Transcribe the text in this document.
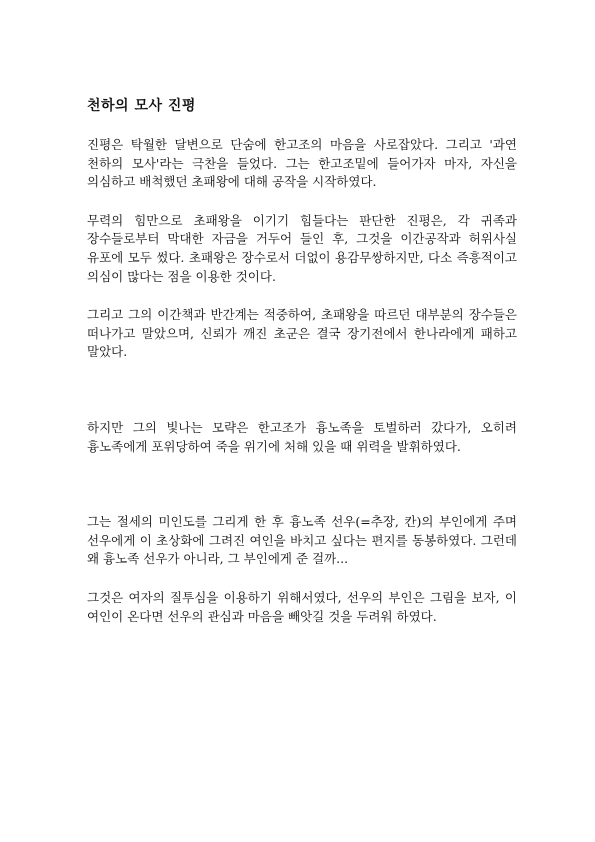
천하의 모사 진평

진평은 탁월한 달변으로 단숨에 한고조의 마음을 사로잡았다. 그리고 '과연 천하의 모사'라는 극찬을 들었다. 그는 한고조밑에 들어가자 마자, 자신을 의심하고 배척했던 초패왕에 대해 공작을 시작하였다.

무력의 힘만으로 초패왕을 이기기 힘들다는 판단한 진평은, 각 귀족과 장수들로부터 막대한 자금을 거두어 들인 후, 그것을 이간공작과 허위사실 유포에 모두 썼다. 초패왕은 장수로서 더없이 용감무쌍하지만, 다소 즉흥적이고 의심이 많다는 점을 이용한 것이다.

그리고 그의 이간책과 반간계는 적중하여, 초패왕을 따르던 대부분의 장수들은 떠나가고 말았으며, 신뢰가 깨진 초군은 결국 장기전에서 한나라에게 패하고 말았다.

하지만 그의 빛나는 모략은 한고조가 흉노족을 토벌하러 갔다가, 오히려 흉노족에게 포위당하여 죽을 위기에 처해 있을 때 위력을 발휘하였다.

그는 절세의 미인도를 그리게 한 후 흉노족 선우(=추장, 칸)의 부인에게 주며 선우에게 이 초상화에 그려진 여인을 바치고 싶다는 편지를 동봉하였다. 그런데 왜 흉노족 선우가 아니라, 그 부인에게 준 걸까...

그것은 여자의 질투심을 이용하기 위해서였다, 선우의 부인은 그림을 보자, 이 여인이 온다면 선우의 관심과 마음을 빼앗길 것을 두려워 하였다.
